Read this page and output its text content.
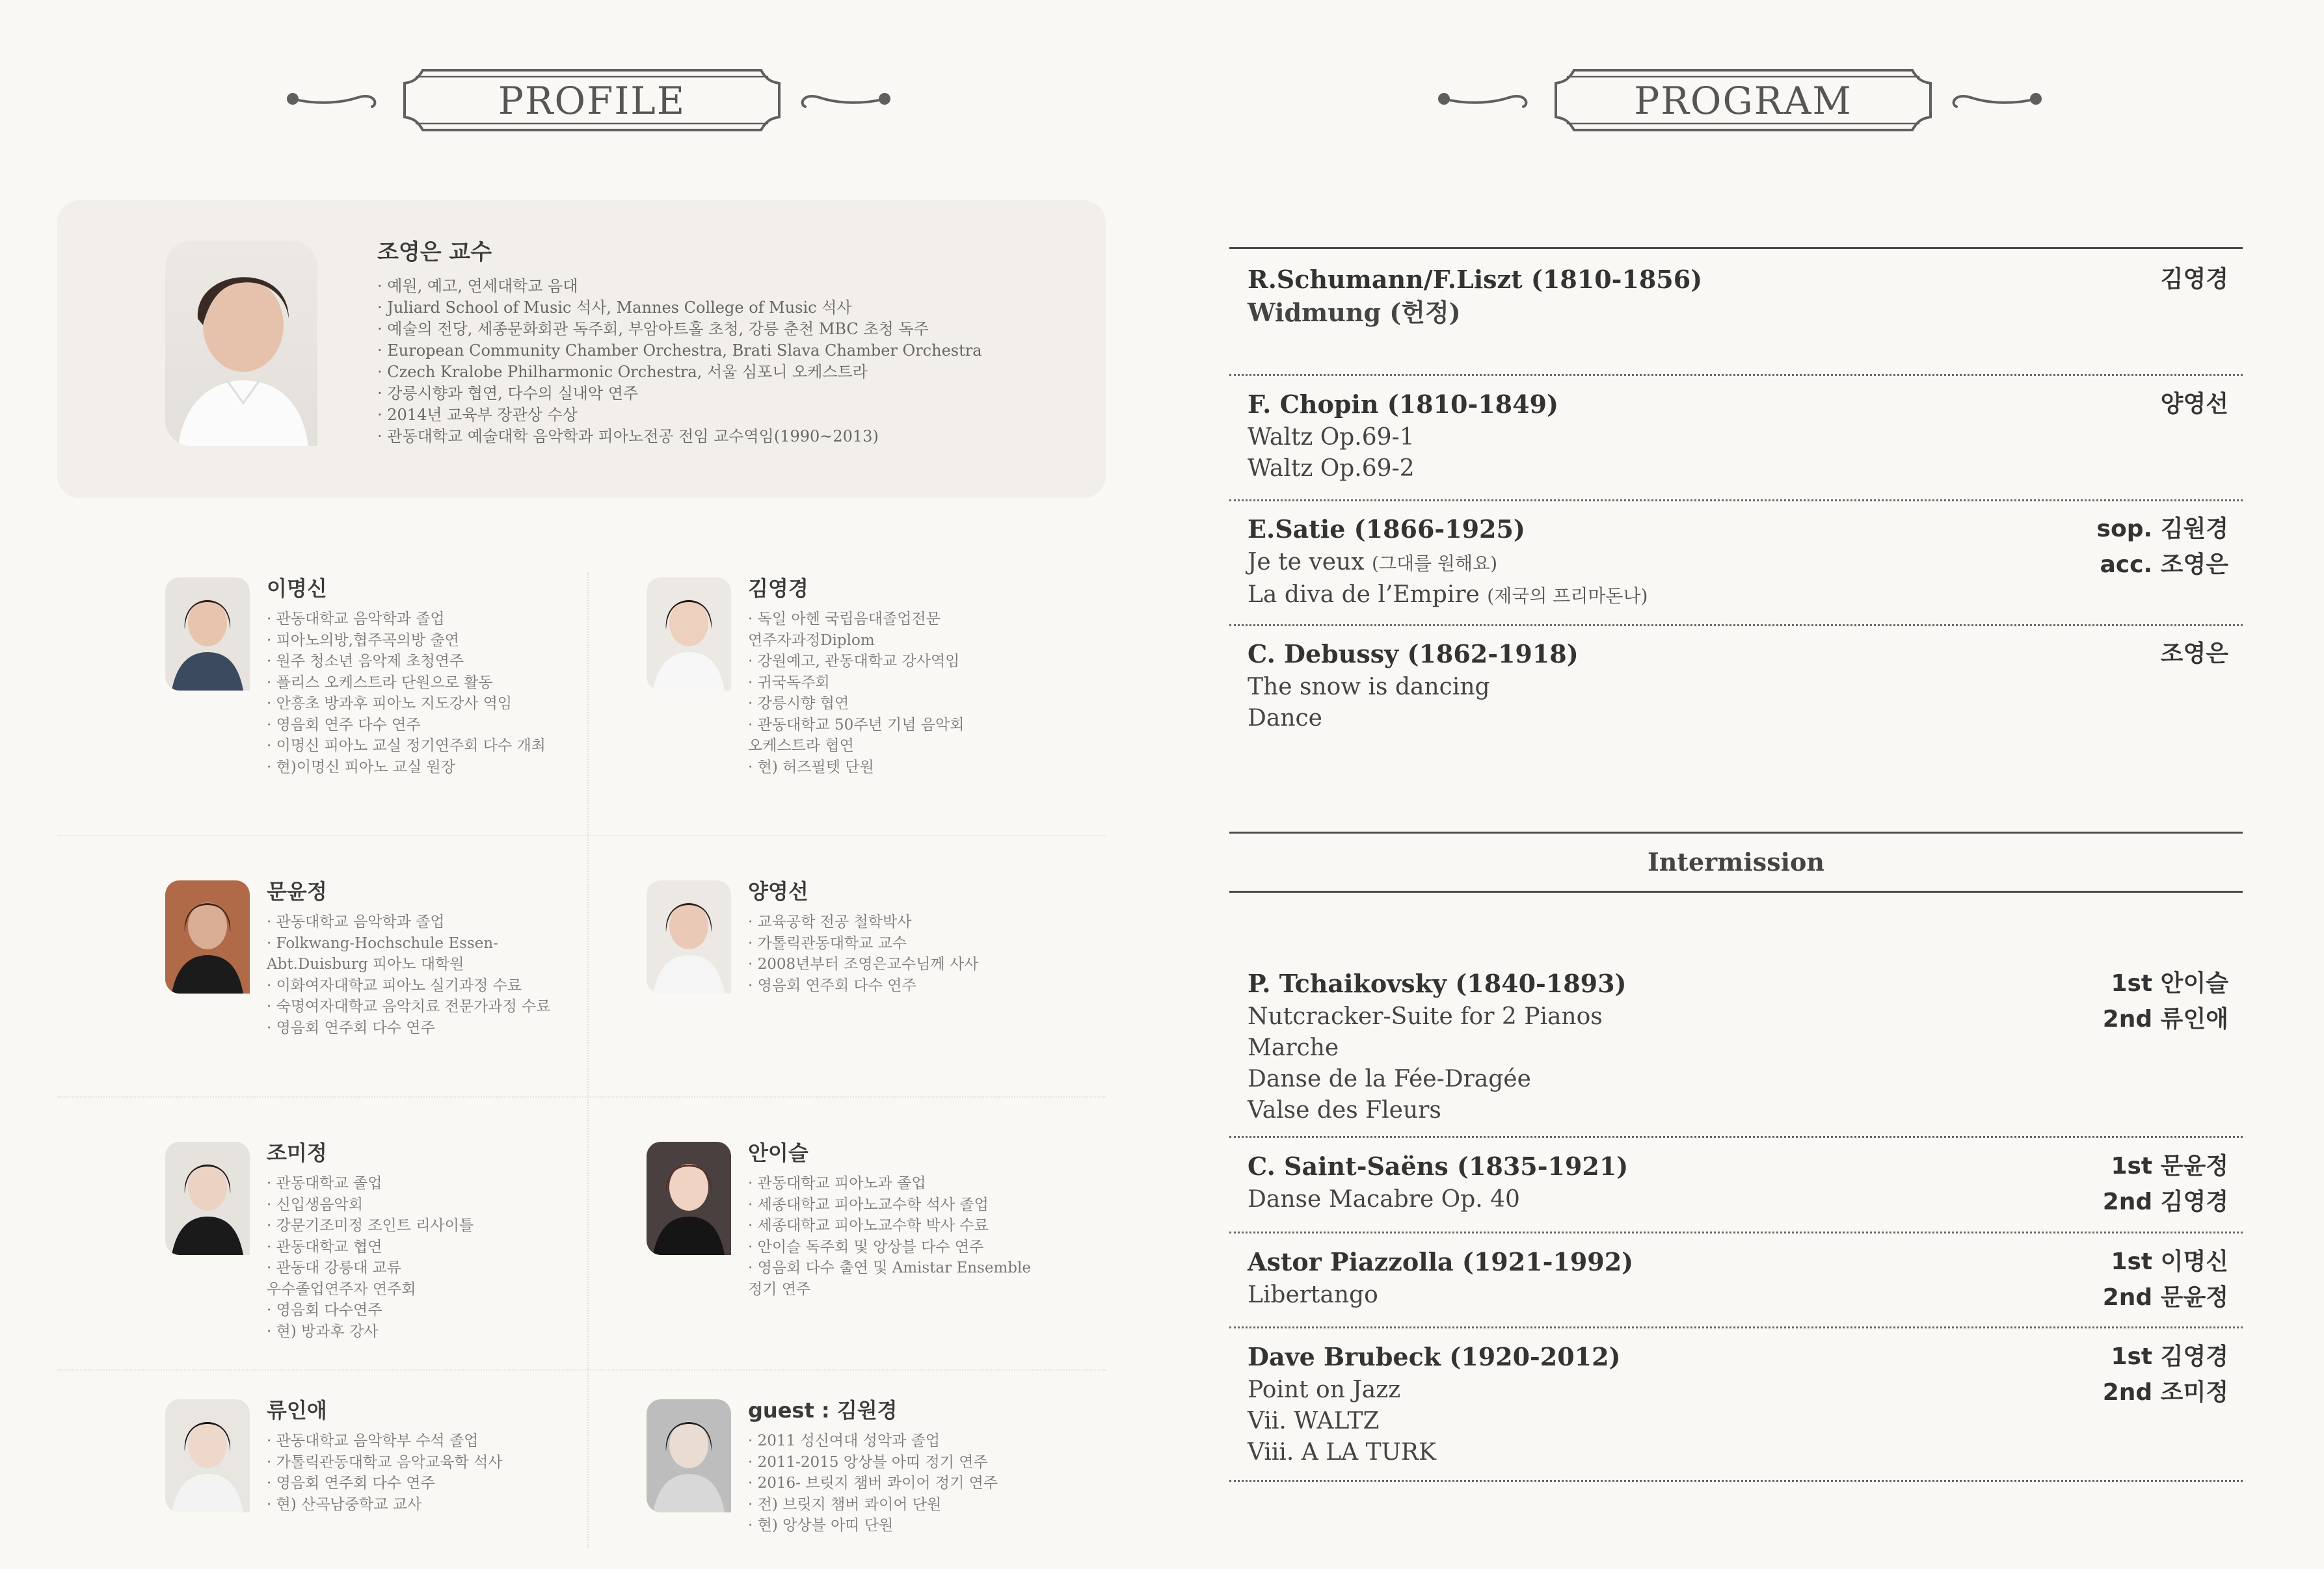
PROFILE	PROGRAM
조영은 교수
· 예원, 예고, 연세대학교 음대
· Juliard School of Music 석사, Mannes College of Music 석사
· 예술의 전당, 세종문화회관 독주회, 부암아트홀 초청, 강릉 춘천 MBC 초청 독주
· European Community Chamber Orchestra, Brati Slava Chamber Orchestra
· Czech Kralobe Philharmonic Orchestra, 서울 심포니 오케스트라
· 강릉시향과 협연, 다수의 실내악 연주
· 2014년 교육부 장관상 수상
· 관동대학교 예술대학 음악학과 피아노전공 전임 교수역임(1990~2013)
이명신
· 관동대학교 음악학과 졸업
· 피아노의방,협주곡의방 출연
· 원주 청소년 음악제 초청연주
· 플리스 오케스트라 단원으로 활동
· 안흥초 방과후 피아노 지도강사 역임
· 영음회 연주 다수 연주
· 이명신 피아노 교실 정기연주회 다수 개최
· 현)이명신 피아노 교실 원장
김영경
· 독일 아헨 국립음대졸업전문
연주자과정Diplom
· 강원예고, 관동대학교 강사역임
· 귀국독주회
· 강릉시향 협연
· 관동대학교 50주년 기념 음악회
오케스트라 협연
· 현) 허즈필텟 단원
문윤정
· 관동대학교 음악학과 졸업
· Folkwang-Hochschule Essen-
Abt.Duisburg 피아노 대학원
· 이화여자대학교 피아노 실기과정 수료
· 숙명여자대학교 음악치료 전문가과정 수료
· 영음회 연주회 다수 연주
양영선
· 교육공학 전공 철학박사
· 가톨릭관동대학교 교수
· 2008년부터 조영은교수님께 사사
· 영음회 연주회 다수 연주
조미정
· 관동대학교 졸업
· 신입생음악회
· 강문기조미정 조인트 리사이틀
· 관동대학교 협연
· 관동대 강릉대 교류
우수졸업연주자 연주회
· 영음회 다수연주
· 현) 방과후 강사
안이슬
· 관동대학교 피아노과 졸업
· 세종대학교 피아노교수학 석사 졸업
· 세종대학교 피아노교수학 박사 수료
· 안이슬 독주회 및 앙상블 다수 연주
· 영음회 다수 출연 및 Amistar Ensemble
정기 연주
류인애
· 관동대학교 음악학부 수석 졸업
· 가톨릭관동대학교 음악교육학 석사
· 영음회 연주회 다수 연주
· 현) 산곡남중학교 교사
guest : 김원경
· 2011 성신여대 성악과 졸업
· 2011-2015 앙상블 아띠 정기 연주
· 2016- 브릿지 챔버 콰이어 정기 연주
· 전) 브릿지 챔버 콰이어 단원
· 현) 앙상블 아띠 단원
R.Schumann/F.Liszt (1810-1856)
Widmung (헌정)
김영경
F. Chopin (1810-1849)
Waltz Op.69-1
Waltz Op.69-2
양영선
E.Satie (1866-1925)
Je te veux (그대를 원해요)
La diva de l’Empire (제국의 프리마돈나)
sop. 김원경
acc. 조영은
C. Debussy (1862-1918)
The snow is dancing
Dance
조영은
P. Tchaikovsky (1840-1893)
Nutcracker-Suite for 2 Pianos
Marche
Danse de la Fée-Dragée
Valse des Fleurs
1st 안이슬
2nd 류인애
C. Saint-Saëns (1835-1921)
Danse Macabre Op. 40
1st 문윤정
2nd 김영경
Astor Piazzolla (1921-1992)
Libertango
1st 이명신
2nd 문윤정
Dave Brubeck (1920-2012)
Point on Jazz
Vii. WALTZ
Viii. A LA TURK
1st 김영경
2nd 조미정
Intermission
